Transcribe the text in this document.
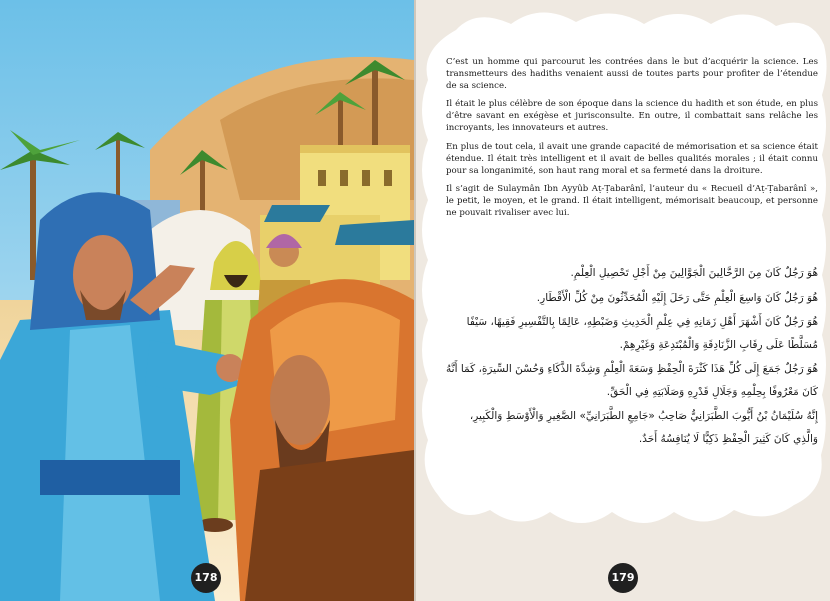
178

C’est un homme qui parcourut les contrées dans le but d’acquérir la science. Les transmetteurs des hadiths venaient aussi de toutes parts pour profiter de l’étendue de sa science.

Il était le plus célèbre de son époque dans la science du hadith et son étude, en plus d’être savant en exégèse et jurisconsulte. En outre, il combattait sans relâche les incroyants, les innovateurs et autres.

En plus de tout cela, il avait une grande capacité de mémorisation et sa science était étendue. Il était très intelligent et il avait de belles qualités morales ; il était connu pour sa longanimité, son haut rang moral et sa fermeté dans la droiture.

Il s’agit de Sulaymân Ibn Ayyûb Aṭ-Ṭabarânî, l’auteur du « Recueil d’Aṭ-Ṭabarânî », le petit, le moyen, et le grand. Il était intelligent, mémorisait beaucoup, et personne ne pouvait rivaliser avec lui.

هُوَ رَجُلٌ كَانَ مِنَ الرَّحَّالِينَ الْجَوَّالِينَ مِنْ أَجْلِ تَحْصِيلِ الْعِلْمِ.

هُوَ رَجُلٌ كَانَ وَاسِعَ الْعِلْمِ حَتَّى رَحَلَ إِلَيْهِ الْمُحَدِّثُونَ مِنْ كُلِّ الْأَقْطَارِ.

هُوَ رَجُلٌ كَانَ أَشْهَرَ أَهْلِ زَمَانِهِ فِي عِلْمِ الْحَدِيثِ وَضَبْطِهِ، عَالِمًا بِالتَّفْسِيرِ فَقِيهًا، سَيْفًا مُسَلَّطًا عَلَى رِقَابِ الزَّنَادِقَةِ وَالْمُبْتَدِعَةِ وَغَيْرِهِمْ.

هُوَ رَجُلٌ جَمَعَ إِلَى كُلِّ هَذَا كَثْرَةَ الْحِفْظِ وَسَعَةَ الْعِلْمِ وَشِدَّةَ الذَّكَاءِ وَحُسْنَ السِّيرَةِ، كَمَا أَنَّهُ كَانَ مَعْرُوفًا بِحِلْمِهِ وَجَلَالِ قَدْرِهِ وَصَلَابَتِهِ فِي الْحَقِّ.

إِنَّهُ سُلَيْمَانُ بْنُ أَيُّوبَ الطَّبَرَانِيُّ صَاحِبُ «جَامِعِ الطَّبَرَانِيِّ» الصَّغِيرِ وَالْأَوْسَطِ وَالْكَبِيرِ، وَالَّذِي كَانَ كَثِيرَ الْحِفْظِ ذَكِيًّا لَا يُنَافِسُهُ أَحَدٌ.

179
